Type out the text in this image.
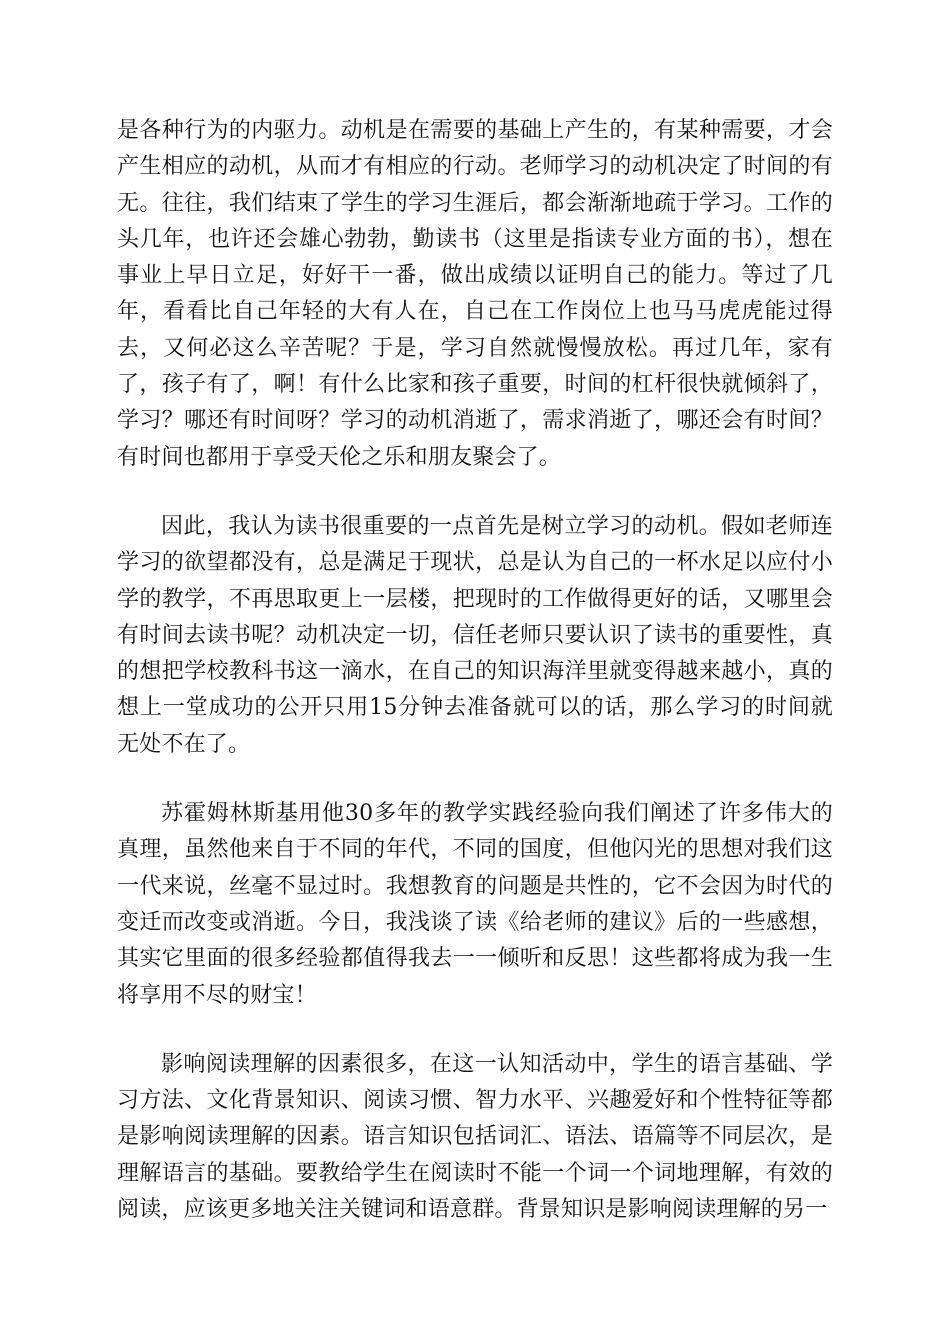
是各种行为的内驱力。动机是在需要的基础上产生的，有某种需要，才会产生相应的动机，从而才有相应的行动。老师学习的动机决定了时间的有无。往往，我们结束了学生的学习生涯后，都会渐渐地疏于学习。工作的头几年，也许还会雄心勃勃，勤读书（这里是指读专业方面的书），想在事业上早日立足，好好干一番，做出成绩以证明自己的能力。等过了几年，看看比自己年轻的大有人在，自己在工作岗位上也马马虎虎能过得去，又何必这么辛苦呢？于是，学习自然就慢慢放松。再过几年，家有了，孩子有了，啊！有什么比家和孩子重要，时间的杠杆很快就倾斜了，学习？哪还有时间呀？学习的动机消逝了，需求消逝了，哪还会有时间？有时间也都用于享受天伦之乐和朋友聚会了。

因此，我认为读书很重要的一点首先是树立学习的动机。假如老师连学习的欲望都没有，总是满足于现状，总是认为自己的一杯水足以应付小学的教学，不再思取更上一层楼，把现时的工作做得更好的话，又哪里会有时间去读书呢？动机决定一切，信任老师只要认识了读书的重要性，真的想把学校教科书这一滴水，在自己的知识海洋里就变得越来越小，真的想上一堂成功的公开只用15分钟去准备就可以的话，那么学习的时间就无处不在了。

苏霍姆林斯基用他30多年的教学实践经验向我们阐述了许多伟大的真理，虽然他来自于不同的年代，不同的国度，但他闪光的思想对我们这一代来说，丝毫不显过时。我想教育的问题是共性的，它不会因为时代的变迁而改变或消逝。今日，我浅谈了读《给老师的建议》后的一些感想，其实它里面的很多经验都值得我去一一倾听和反思！这些都将成为我一生将享用不尽的财宝！

影响阅读理解的因素很多，在这一认知活动中，学生的语言基础、学习方法、文化背景知识、阅读习惯、智力水平、兴趣爱好和个性特征等都是影响阅读理解的因素。语言知识包括词汇、语法、语篇等不同层次，是理解语言的基础。要教给学生在阅读时不能一个词一个词地理解，有效的阅读，应该更多地关注关键词和语意群。背景知识是影响阅读理解的另一
